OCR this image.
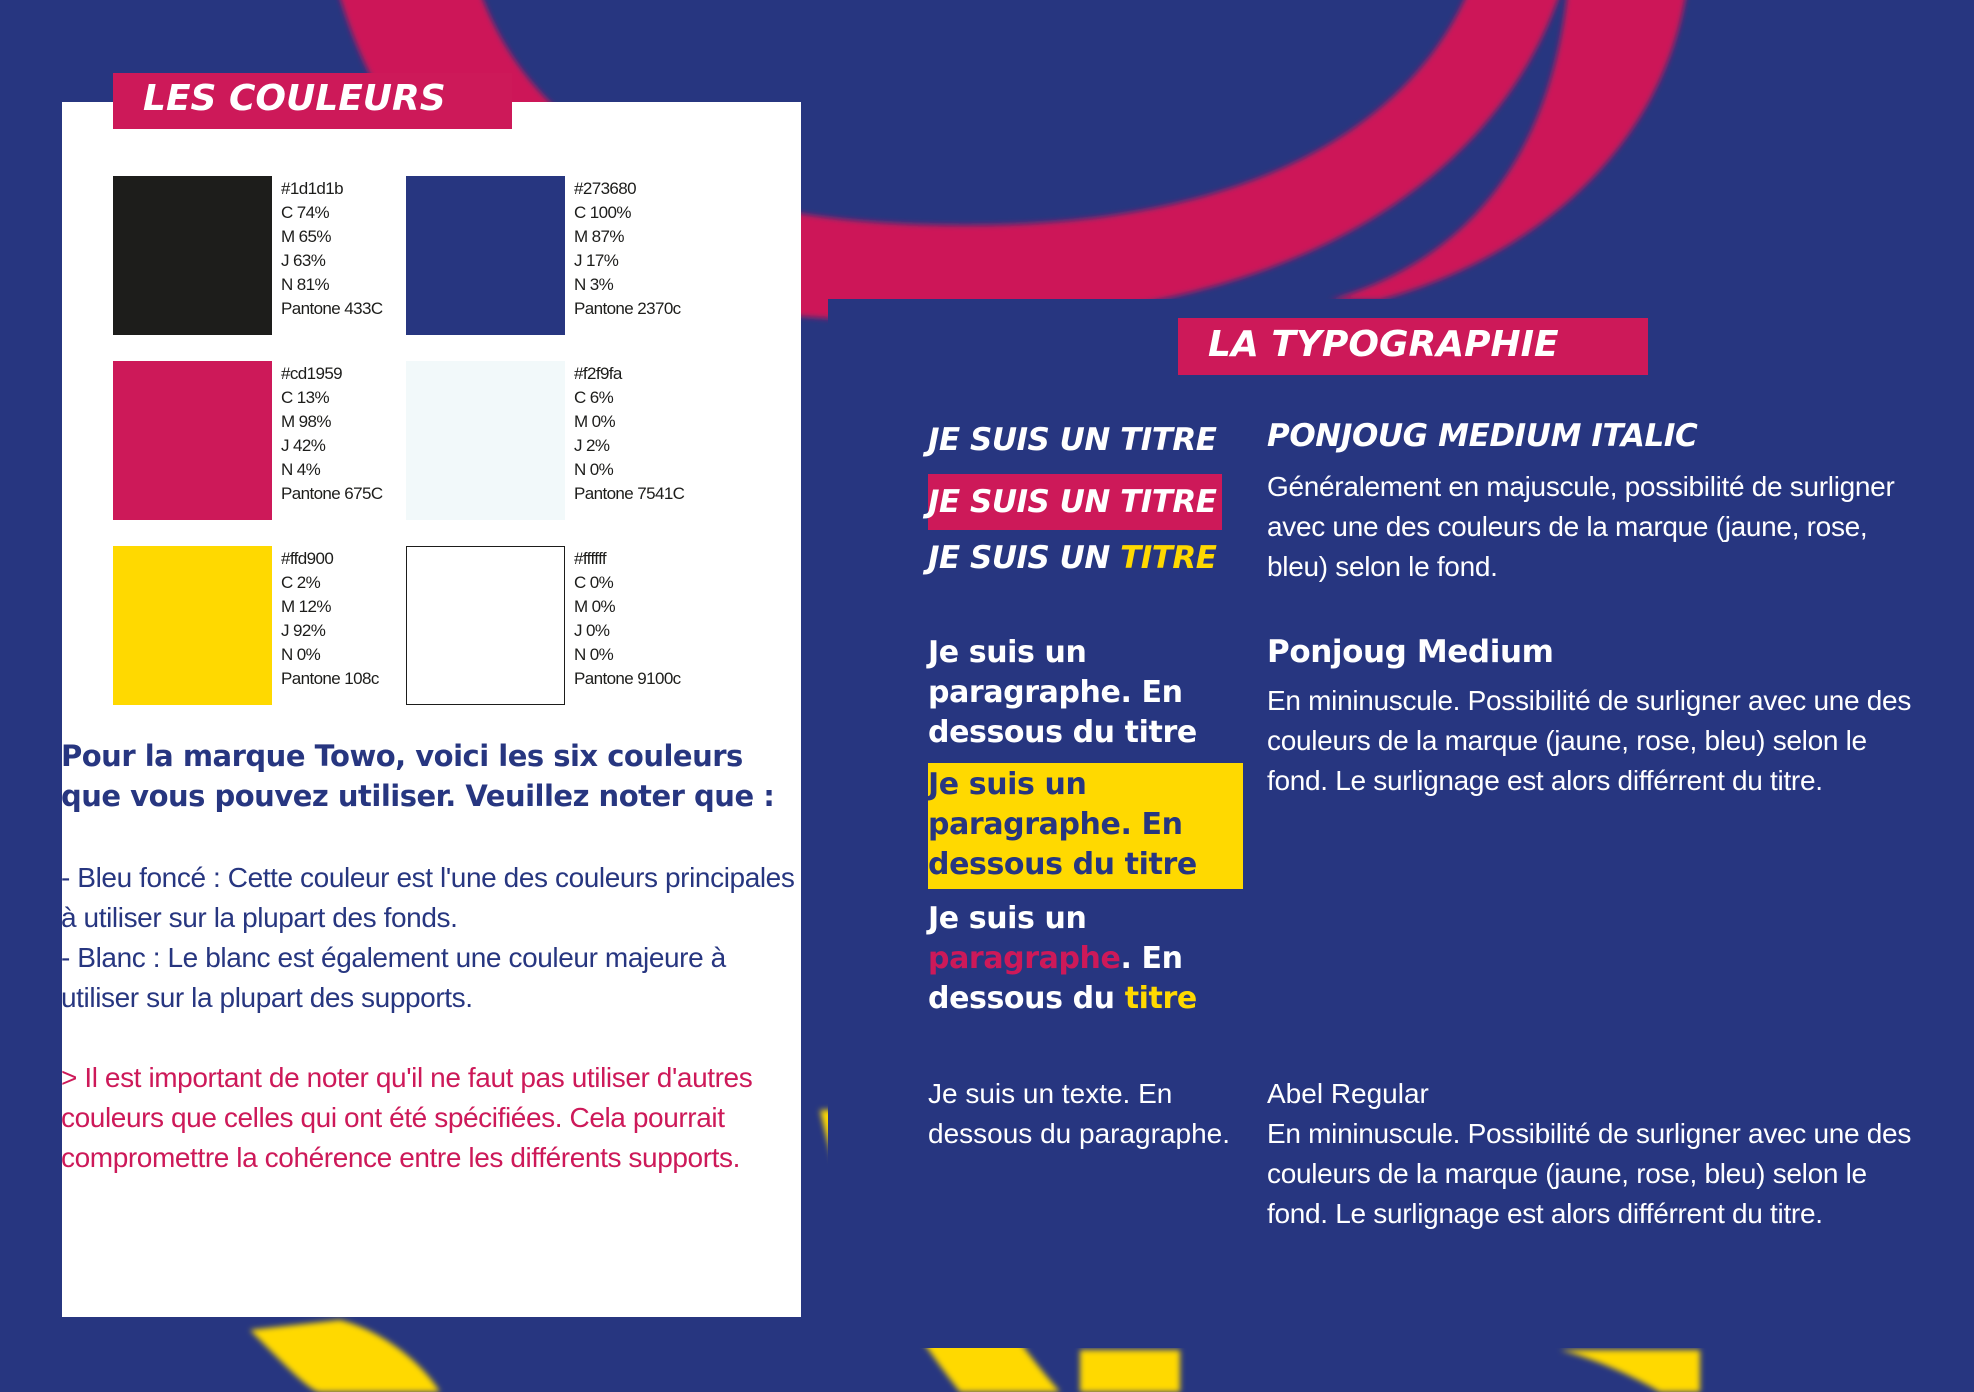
LES COULEURS
#1d1d1b
C 74%
M 65%
J 63%
N 81%
Pantone 433C
#273680
C 100%
M 87%
J 17%
N 3%
Pantone 2370c
#cd1959
C 13%
M 98%
J 42%
N 4%
Pantone 675C
#f2f9fa
C 6%
M 0%
J 2%
N 0%
Pantone 7541C
#ffd900
C 2%
M 12%
J 92%
N 0%
Pantone 108c
#ffffff
C 0%
M 0%
J 0%
N 0%
Pantone 9100c
Pour la marque Towo, voici les six couleurs que vous pouvez utiliser. Veuillez noter que :
- Bleu foncé : Cette couleur est l'une des couleurs principales à utiliser sur la plupart des fonds.
- Blanc : Le blanc est également une couleur majeure à utiliser sur la plupart des supports.
> Il est important de noter qu'il ne faut pas utiliser d'autres couleurs que celles qui ont été spécifiées. Cela pourrait compromettre la cohérence entre les différents supports.
LA TYPOGRAPHIE
JE SUIS UN TITRE
JE SUIS UN TITRE
JE SUIS UN TITRE
PONJOUG MEDIUM ITALIC
Généralement en majuscule, possibilité de surligner avec une des couleurs de la marque (jaune, rose, bleu) selon le fond.
Je suis un paragraphe. En dessous du titre
Je suis un paragraphe. En dessous du titre
Je suis un paragraphe. En dessous du titre
Ponjoug Medium
En mininuscule. Possibilité de surligner avec une des couleurs de la marque (jaune, rose, bleu) selon le fond. Le surlignage est alors différrent du titre.
Je suis un texte. En dessous du paragraphe.
Abel Regular
En mininuscule. Possibilité de surligner avec une des couleurs de la marque (jaune, rose, bleu) selon le fond. Le surlignage est alors différrent du titre.
